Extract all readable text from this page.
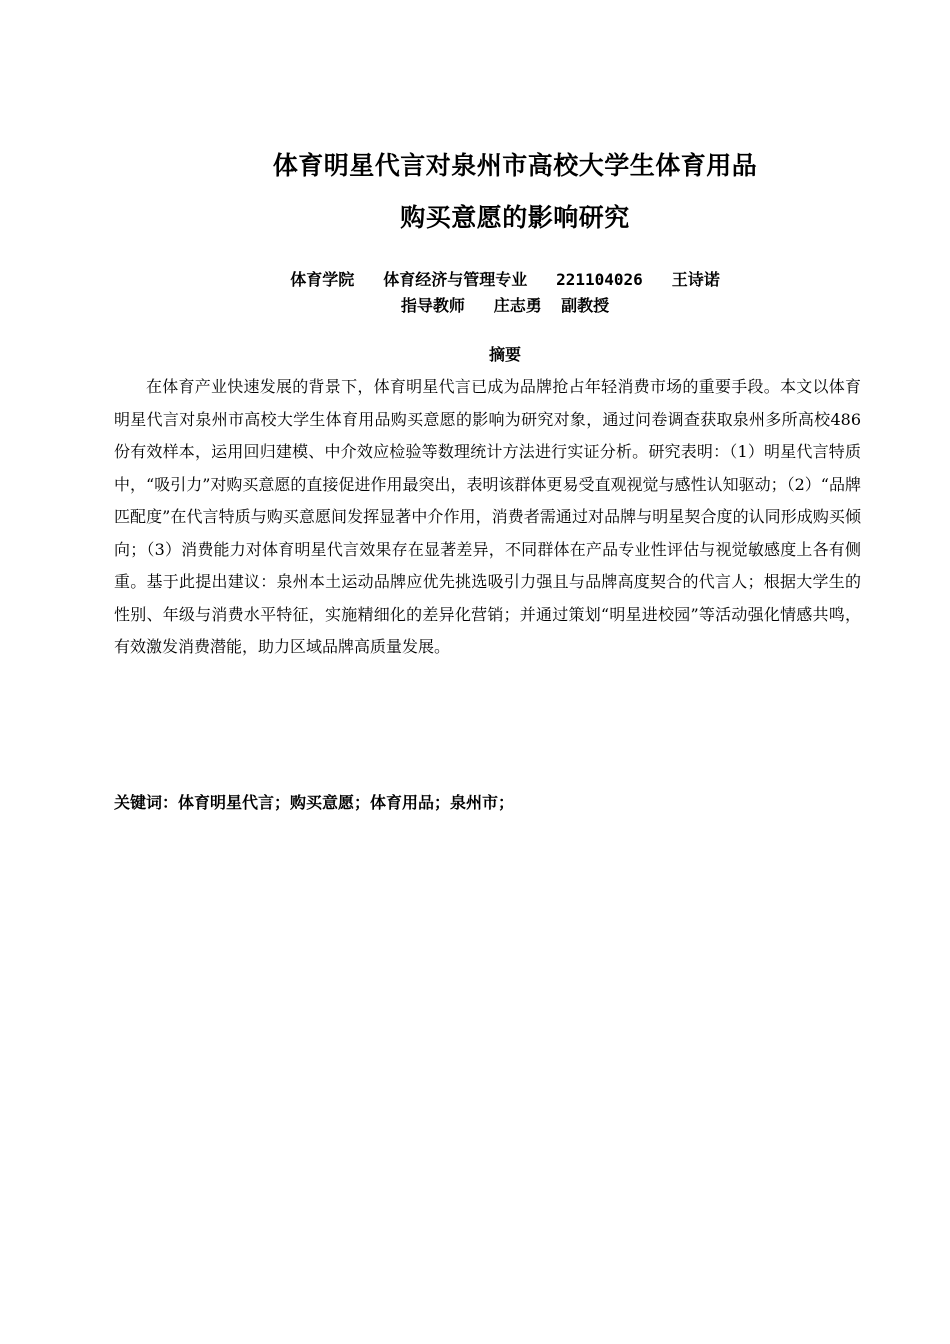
体育明星代言对泉州市高校大学生体育用品
购买意愿的影响研究
体育学院   体育经济与管理专业   221104026   王诗诺
指导教师   庄志勇  副教授
摘要

在体育产业快速发展的背景下，体育明星代言已成为品牌抢占年轻消费市场的重要手段。本文以体育明星代言对泉州市高校大学生体育用品购买意愿的影响为研究对象，通过问卷调查获取泉州多所高校486份有效样本，运用回归建模、中介效应检验等数理统计方法进行实证分析。研究表明：（1）明星代言特质中，“吸引力”对购买意愿的直接促进作用最突出，表明该群体更易受直观视觉与感性认知驱动；（2）“品牌匹配度”在代言特质与购买意愿间发挥显著中介作用，消费者需通过对品牌与明星契合度的认同形成购买倾向；（3）消费能力对体育明星代言效果存在显著差异，不同群体在产品专业性评估与视觉敏感度上各有侧重。基于此提出建议：泉州本土运动品牌应优先挑选吸引力强且与品牌高度契合的代言人；根据大学生的性别、年级与消费水平特征，实施精细化的差异化营销；并通过策划“明星进校园”等活动强化情感共鸣，有效激发消费潜能，助力区域品牌高质量发展。

关键词：体育明星代言；购买意愿；体育用品；泉州市；
